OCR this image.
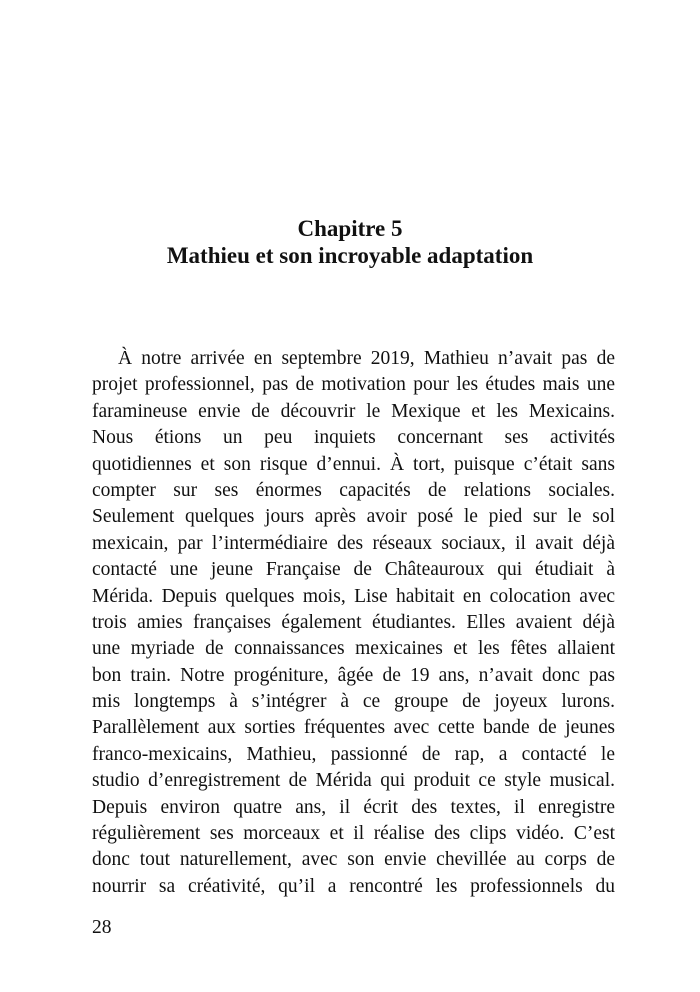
Chapitre 5
Mathieu et son incroyable adaptation
À notre arrivée en septembre 2019, Mathieu n’avait pas de
projet professionnel, pas de motivation pour les études mais une
faramineuse envie de découvrir le Mexique et les Mexicains.
Nous étions un peu inquiets concernant ses activités
quotidiennes et son risque d’ennui. À tort, puisque c’était sans
compter sur ses énormes capacités de relations sociales.
Seulement quelques jours après avoir posé le pied sur le sol
mexicain, par l’intermédiaire des réseaux sociaux, il avait déjà
contacté une jeune Française de Châteauroux qui étudiait à
Mérida. Depuis quelques mois, Lise habitait en colocation avec
trois amies françaises également étudiantes. Elles avaient déjà
une myriade de connaissances mexicaines et les fêtes allaient
bon train. Notre progéniture, âgée de 19 ans, n’avait donc pas
mis longtemps à s’intégrer à ce groupe de joyeux lurons.
Parallèlement aux sorties fréquentes avec cette bande de jeunes
franco-mexicains, Mathieu, passionné de rap, a contacté le
studio d’enregistrement de Mérida qui produit ce style musical.
Depuis environ quatre ans, il écrit des textes, il enregistre
régulièrement ses morceaux et il réalise des clips vidéo. C’est
donc tout naturellement, avec son envie chevillée au corps de
nourrir sa créativité, qu’il a rencontré les professionnels du
28
